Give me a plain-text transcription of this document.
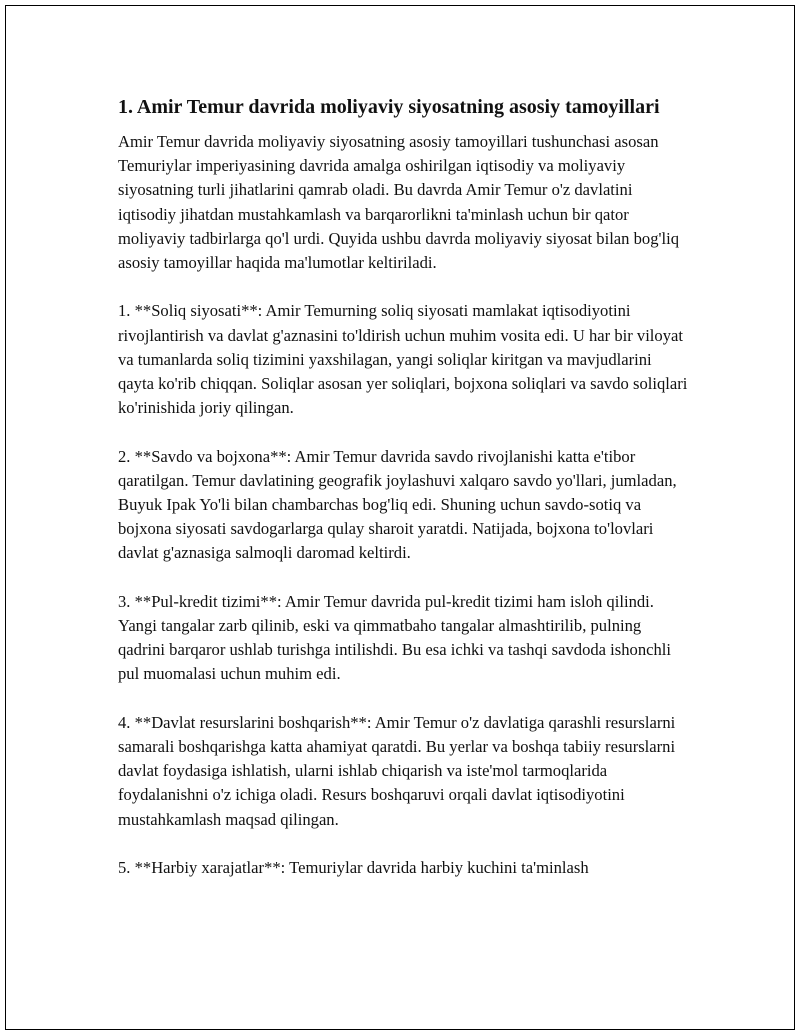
1. Amir Temur davrida moliyaviy siyosatning asosiy tamoyillari

Amir Temur davrida moliyaviy siyosatning asosiy tamoyillari tushunchasi asosan Temuriylar imperiyasining davrida amalga oshirilgan iqtisodiy va moliyaviy siyosatning turli jihatlarini qamrab oladi. Bu davrda Amir Temur o'z davlatini iqtisodiy jihatdan mustahkamlash va barqarorlikni ta'minlash uchun bir qator moliyaviy tadbirlarga qo'l urdi. Quyida ushbu davrda moliyaviy siyosat bilan bog'liq asosiy tamoyillar haqida ma'lumotlar keltiriladi.

1. **Soliq siyosati**: Amir Temurning soliq siyosati mamlakat iqtisodiyotini rivojlantirish va davlat g'aznasini to'ldirish uchun muhim vosita edi. U har bir viloyat va tumanlarda soliq tizimini yaxshilagan, yangi soliqlar kiritgan va mavjudlarini qayta ko'rib chiqqan. Soliqlar asosan yer soliqlari, bojxona soliqlari va savdo soliqlari ko'rinishida joriy qilingan.

2. **Savdo va bojxona**: Amir Temur davrida savdo rivojlanishi katta e'tibor qaratilgan. Temur davlatining geografik joylashuvi xalqaro savdo yo'llari, jumladan, Buyuk Ipak Yo'li bilan chambarchas bog'liq edi. Shuning uchun savdo-sotiq va bojxona siyosati savdogarlarga qulay sharoit yaratdi. Natijada, bojxona to'lovlari davlat g'aznasiga salmoqli daromad keltirdi.

3. **Pul-kredit tizimi**: Amir Temur davrida pul-kredit tizimi ham isloh qilindi. Yangi tangalar zarb qilinib, eski va qimmatbaho tangalar almashtirilib, pulning qadrini barqaror ushlab turishga intilishdi. Bu esa ichki va tashqi savdoda ishonchli pul muomalasi uchun muhim edi.

4. **Davlat resurslarini boshqarish**: Amir Temur o'z davlatiga qarashli resurslarni samarali boshqarishga katta ahamiyat qaratdi. Bu yerlar va boshqa tabiiy resurslarni davlat foydasiga ishlatish, ularni ishlab chiqarish va iste'mol tarmoqlarida foydalanishni o'z ichiga oladi. Resurs boshqaruvi orqali davlat iqtisodiyotini mustahkamlash maqsad qilingan.

5. **Harbiy xarajatlar**: Temuriylar davrida harbiy kuchini ta'minlash
